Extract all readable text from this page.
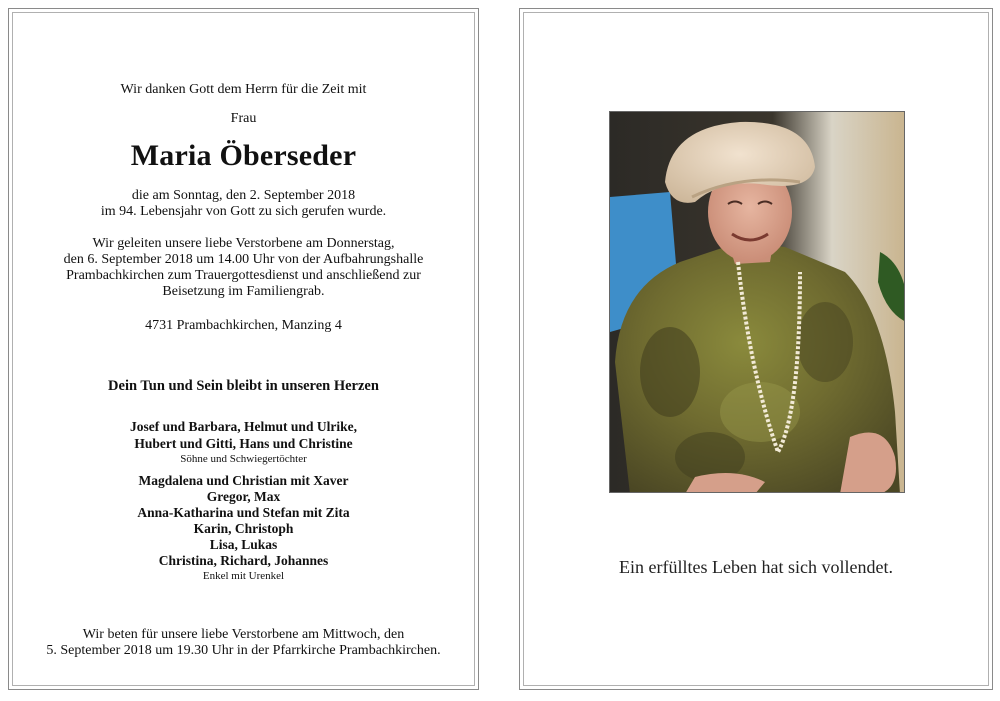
Wir danken Gott dem Herrn für die Zeit mit
Frau
Maria Öberseder
die am Sonntag, den 2. September 2018
im 94. Lebensjahr von Gott zu sich gerufen wurde.
Wir geleiten unsere liebe Verstorbene am Donnerstag,
den 6. September 2018 um 14.00 Uhr von der Aufbahrungshalle
Prambachkirchen zum Trauergottesdienst und anschließend zur
Beisetzung im Familiengrab.
4731 Prambachkirchen, Manzing 4
Dein Tun und Sein bleibt in unseren Herzen
Josef und Barbara, Helmut und Ulrike,
Hubert und Gitti, Hans und Christine
Söhne und Schwiegertöchter
Magdalena und Christian mit Xaver
Gregor, Max
Anna-Katharina und Stefan mit Zita
Karin, Christoph
Lisa, Lukas
Christina, Richard, Johannes
Enkel mit Urenkel
Wir beten für unsere liebe Verstorbene am Mittwoch, den
5. September 2018 um 19.30 Uhr in der Pfarrkirche Prambachkirchen.
Ein erfülltes Leben hat sich vollendet.
